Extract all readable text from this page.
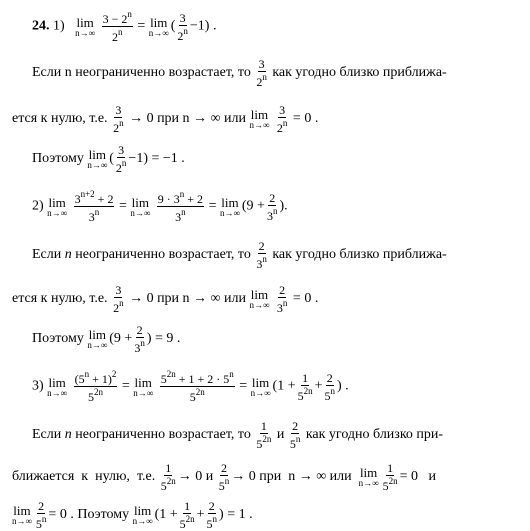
24. 1) lim
n→∞
$\frac{3 - 2^n}{2^n} = \lim$
n→∞ ( $\frac{3}{2^n} -1$) .
Если n неограниченно возрастает, то $\frac{3}{2^n}$ как угодно близко приближа-
ется к нулю, т.е. $\frac{3}{2^n} \to 0$ при n → ∞ или lim
n→∞
$\frac{3}{2^n} = 0$ .
Поэтому lim
n→∞ ( $\frac{3}{2^n} -1) = -1$ .
2) lim
n→∞
$\frac{3^{n+2} + 2}{3^n} = \lim$
n→∞
$\frac{9 \cdot 3^n + 2}{3^n} = \lim$
n→∞ ($9 + \frac{2}{3^n}$ ).
Если n неограниченно возрастает, то $\frac{2}{3^n}$ как угодно близко приближа-
ется к нулю, т.е. $\frac{3}{2^n} \to 0$ при n → ∞ или lim
n→∞
$\frac{2}{3^n} = 0$ .
Поэтому lim
n→∞ ($9 + \frac{2}{3^n}$ ) = 9 .
3) lim
n→∞
$\frac{(5^n + 1)^2}{5^{2n}} = \lim$
n→∞
$\frac{5^{2n} + 1 + 2 \cdot 5^n}{5^{2n}} = \lim$
n→∞ ($1 + \frac{1}{5^{2n}} + \frac{2}{5^n}$ ) .
Если n неограниченно возрастает, то $\frac{1}{5^{2n}}$ и $\frac{2}{5^n}$ как угодно близко при-
ближается к нулю, т.е. $\frac{1}{5^{2n}} \to 0$ и $\frac{2}{5^n} \to 0$ при n → ∞ или lim
$n\to\infty \frac{1}{5^{2n}} = 0$ и
lim
$n\to\infty \frac{2}{5^n} = 0$ . Поэтому lim
n→∞ ($1 + \frac{1}{5^{2n}} + \frac{2}{5^n}$ ) = 1 .
